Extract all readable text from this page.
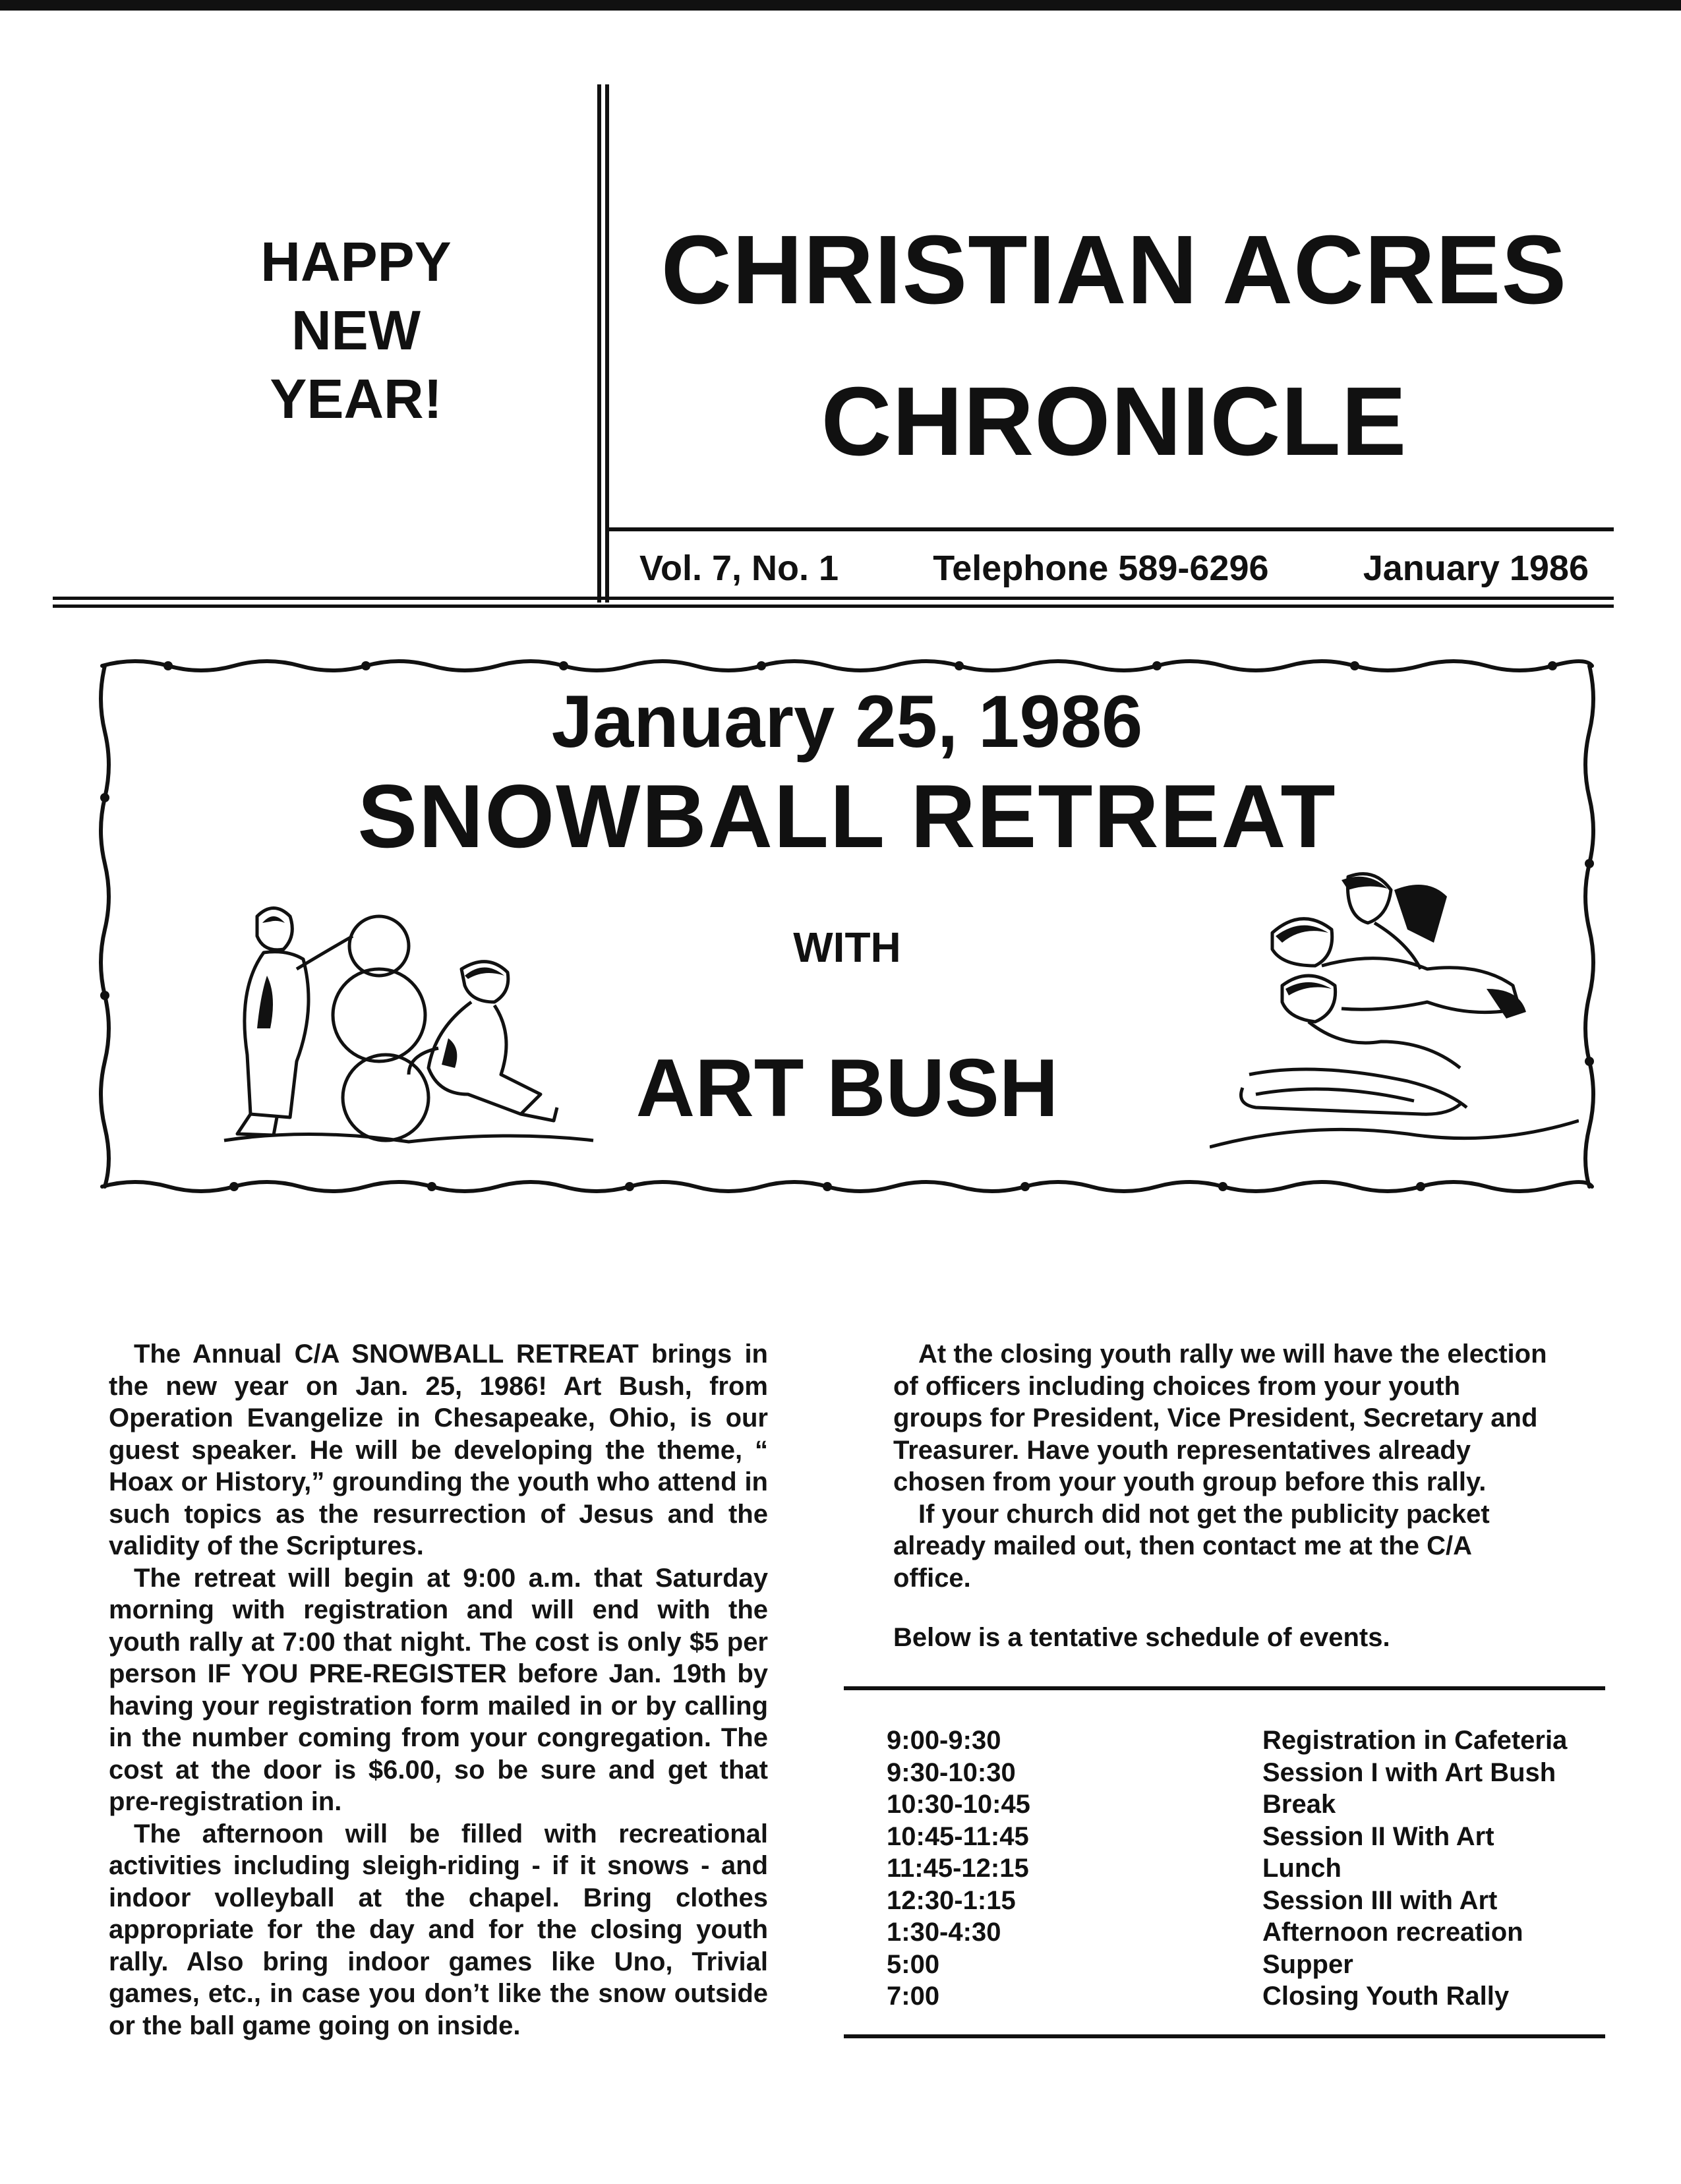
HAPPY
NEW
YEAR!
CHRISTIAN ACRES
CHRONICLE
Vol. 7, No. 1	Telephone 589-6296	January 1986
January 25, 1986
SNOWBALL RETREAT
WITH
ART BUSH

The Annual C/A SNOWBALL RETREAT brings in the new year on Jan. 25, 1986! Art Bush, from Operation Evangelize in Chesapeake, Ohio, is our guest speaker. He will be developing the theme, “ Hoax or History,” grounding the youth who attend in such topics as the resurrection of Jesus and the validity of the Scriptures.

The retreat will begin at 9:00 a.m. that Saturday morning with registration and will end with the youth rally at 7:00 that night. The cost is only $5 per person IF YOU PRE-REGISTER before Jan. 19th by having your registration form mailed in or by calling in the number coming from your congregation. The cost at the door is $6.00, so be sure and get that pre-registration in.

The afternoon will be filled with recreational activities including sleigh-riding - if it snows - and indoor volleyball at the chapel. Bring clothes appropriate for the day and for the closing youth rally. Also bring indoor games like Uno, Trivial games, etc., in case you don’t like the snow outside or the ball game going on inside.

At the closing youth rally we will have the election of officers including choices from your youth groups for President, Vice President, Secretary and Treasurer. Have youth representatives already chosen from your youth group before this rally.

If your church did not get the publicity packet already mailed out, then contact me at the C/A office.

Below is a tentative schedule of events.
9:00-9:30	Registration in Cafeteria
9:30-10:30	Session I with Art Bush
10:30-10:45	Break
10:45-11:45	Session II With Art
11:45-12:15	Lunch
12:30-1:15	Session III with Art
1:30-4:30	Afternoon recreation
5:00	Supper
7:00	Closing Youth Rally
